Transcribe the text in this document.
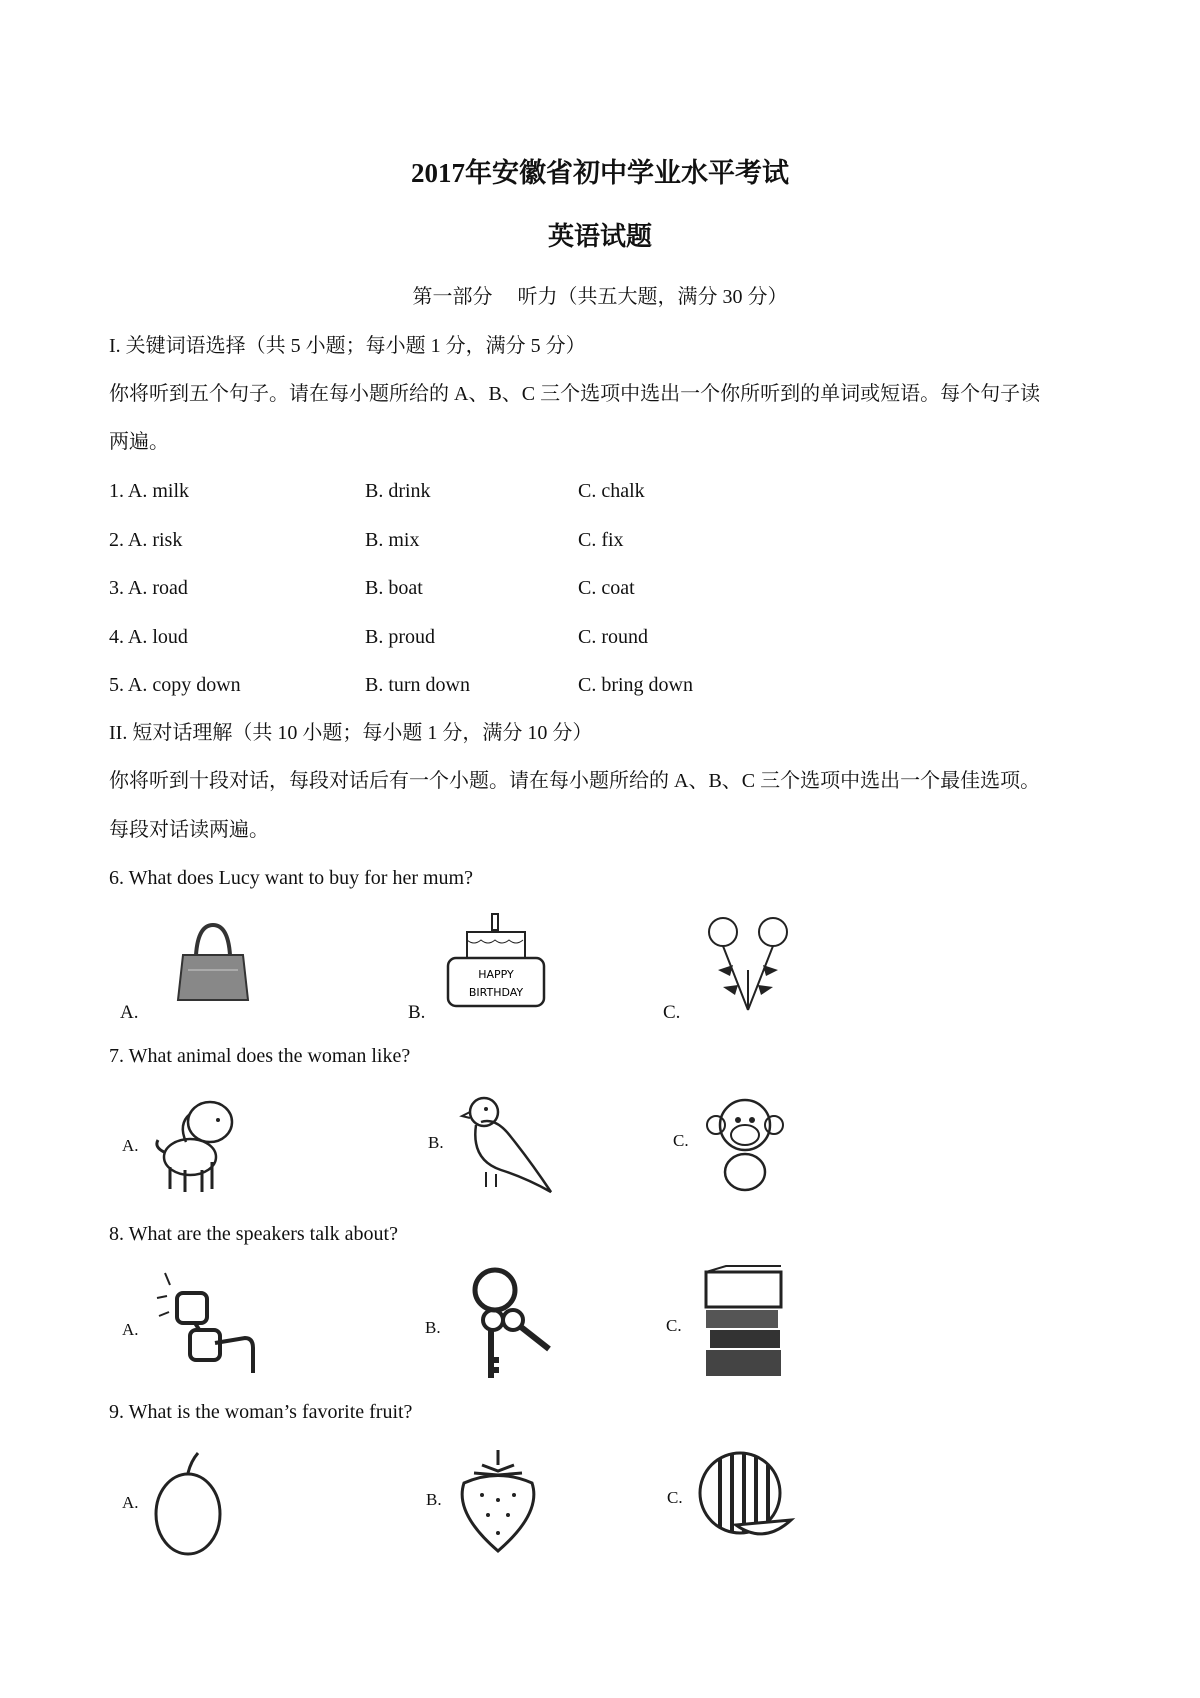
2017年安徽省初中学业水平考试
英语试题
第一部分　 听力（共五大题，满分 30 分）
I. 关键词语选择（共 5 小题；每小题 1 分，满分 5 分）
你将听到五个句子。请在每小题所给的 A、B、C 三个选项中选出一个你所听到的单词或短语。每个句子读
两遍。
1. A. milk	B. drink	C. chalk
2. A. risk	B. mix	C. fix
3. A. road	B. boat	C. coat
4. A. loud	B. proud	C. round
5. A. copy down	B. turn down	C. bring down
II. 短对话理解（共 10 小题；每小题 1 分，满分 10 分）
你将听到十段对话，每段对话后有一个小题。请在每小题所给的 A、B、C 三个选项中选出一个最佳选项。
每段对话读两遍。
6. What does Lucy want to buy for her mum?
A.	B.
HAPPY
BIRTHDAY
C.
7. What animal does the woman like?
A.	B.	C.
8. What are the speakers talk about?
A.	B.	C.
9. What is the woman’s favorite fruit?
A.	B.	C.
